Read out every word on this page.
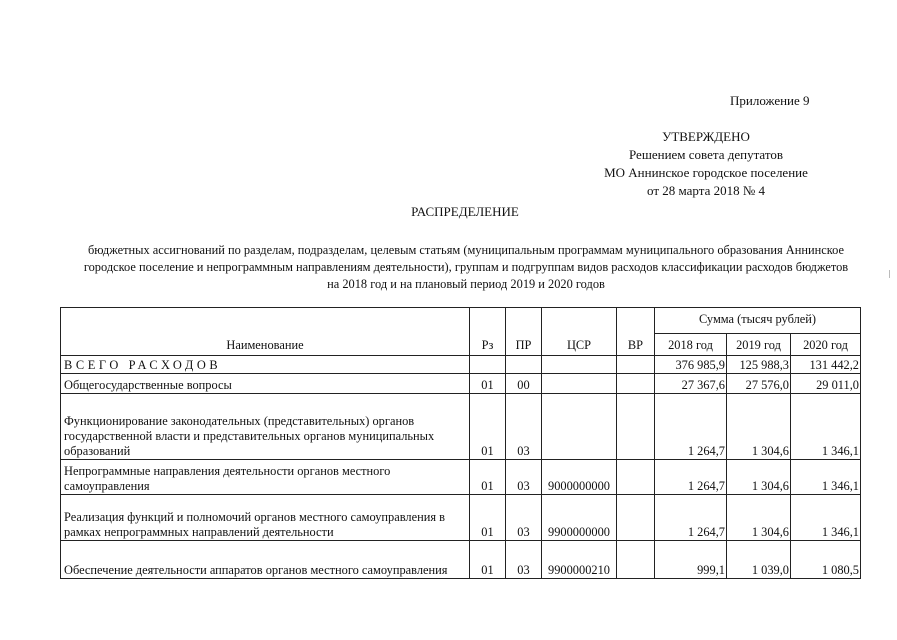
Приложение 9
УТВЕРЖДЕНО
Решением совета депутатов
МО Аннинское городское поселение
от 28 марта 2018 № 4
РАСПРЕДЕЛЕНИЕ
бюджетных ассигнований по разделам, подразделам, целевым статьям (муниципальным программам муниципального образования Аннинское
городское поселение и непрограммным направлениям деятельности), группам и подгруппам видов расходов классификации расходов бюджетов
на 2018 год и на плановый период 2019 и 2020 годов
Наименование	Рз	ПР	ЦСР	ВР	Сумма (тысяч рублей)		
					2018 год	2019 год	2020 год
ВСЕГО РАСХОДОВ					376 985,9	125 988,3	131 442,2
Общегосударственные вопросы	01	00			27 367,6	27 576,0	29 011,0

Функционирование законодательных (представительных) органов
государственной власти и представительных органов муниципальных
образований	01	03			1 264,7	1 304,6	1 346,1

Непрограммные направления деятельности органов местного
самоуправления	01	03	9000000000		1 264,7	1 304,6	1 346,1

Реализация функций и полномочий органов местного самоуправления в
рамках непрограммных направлений деятельности	01	03	9900000000		1 264,7	1 304,6	1 346,1
Обеспечение деятельности аппаратов органов местного самоуправления	01	03	9900000210		999,1	1 039,0	1 080,5
